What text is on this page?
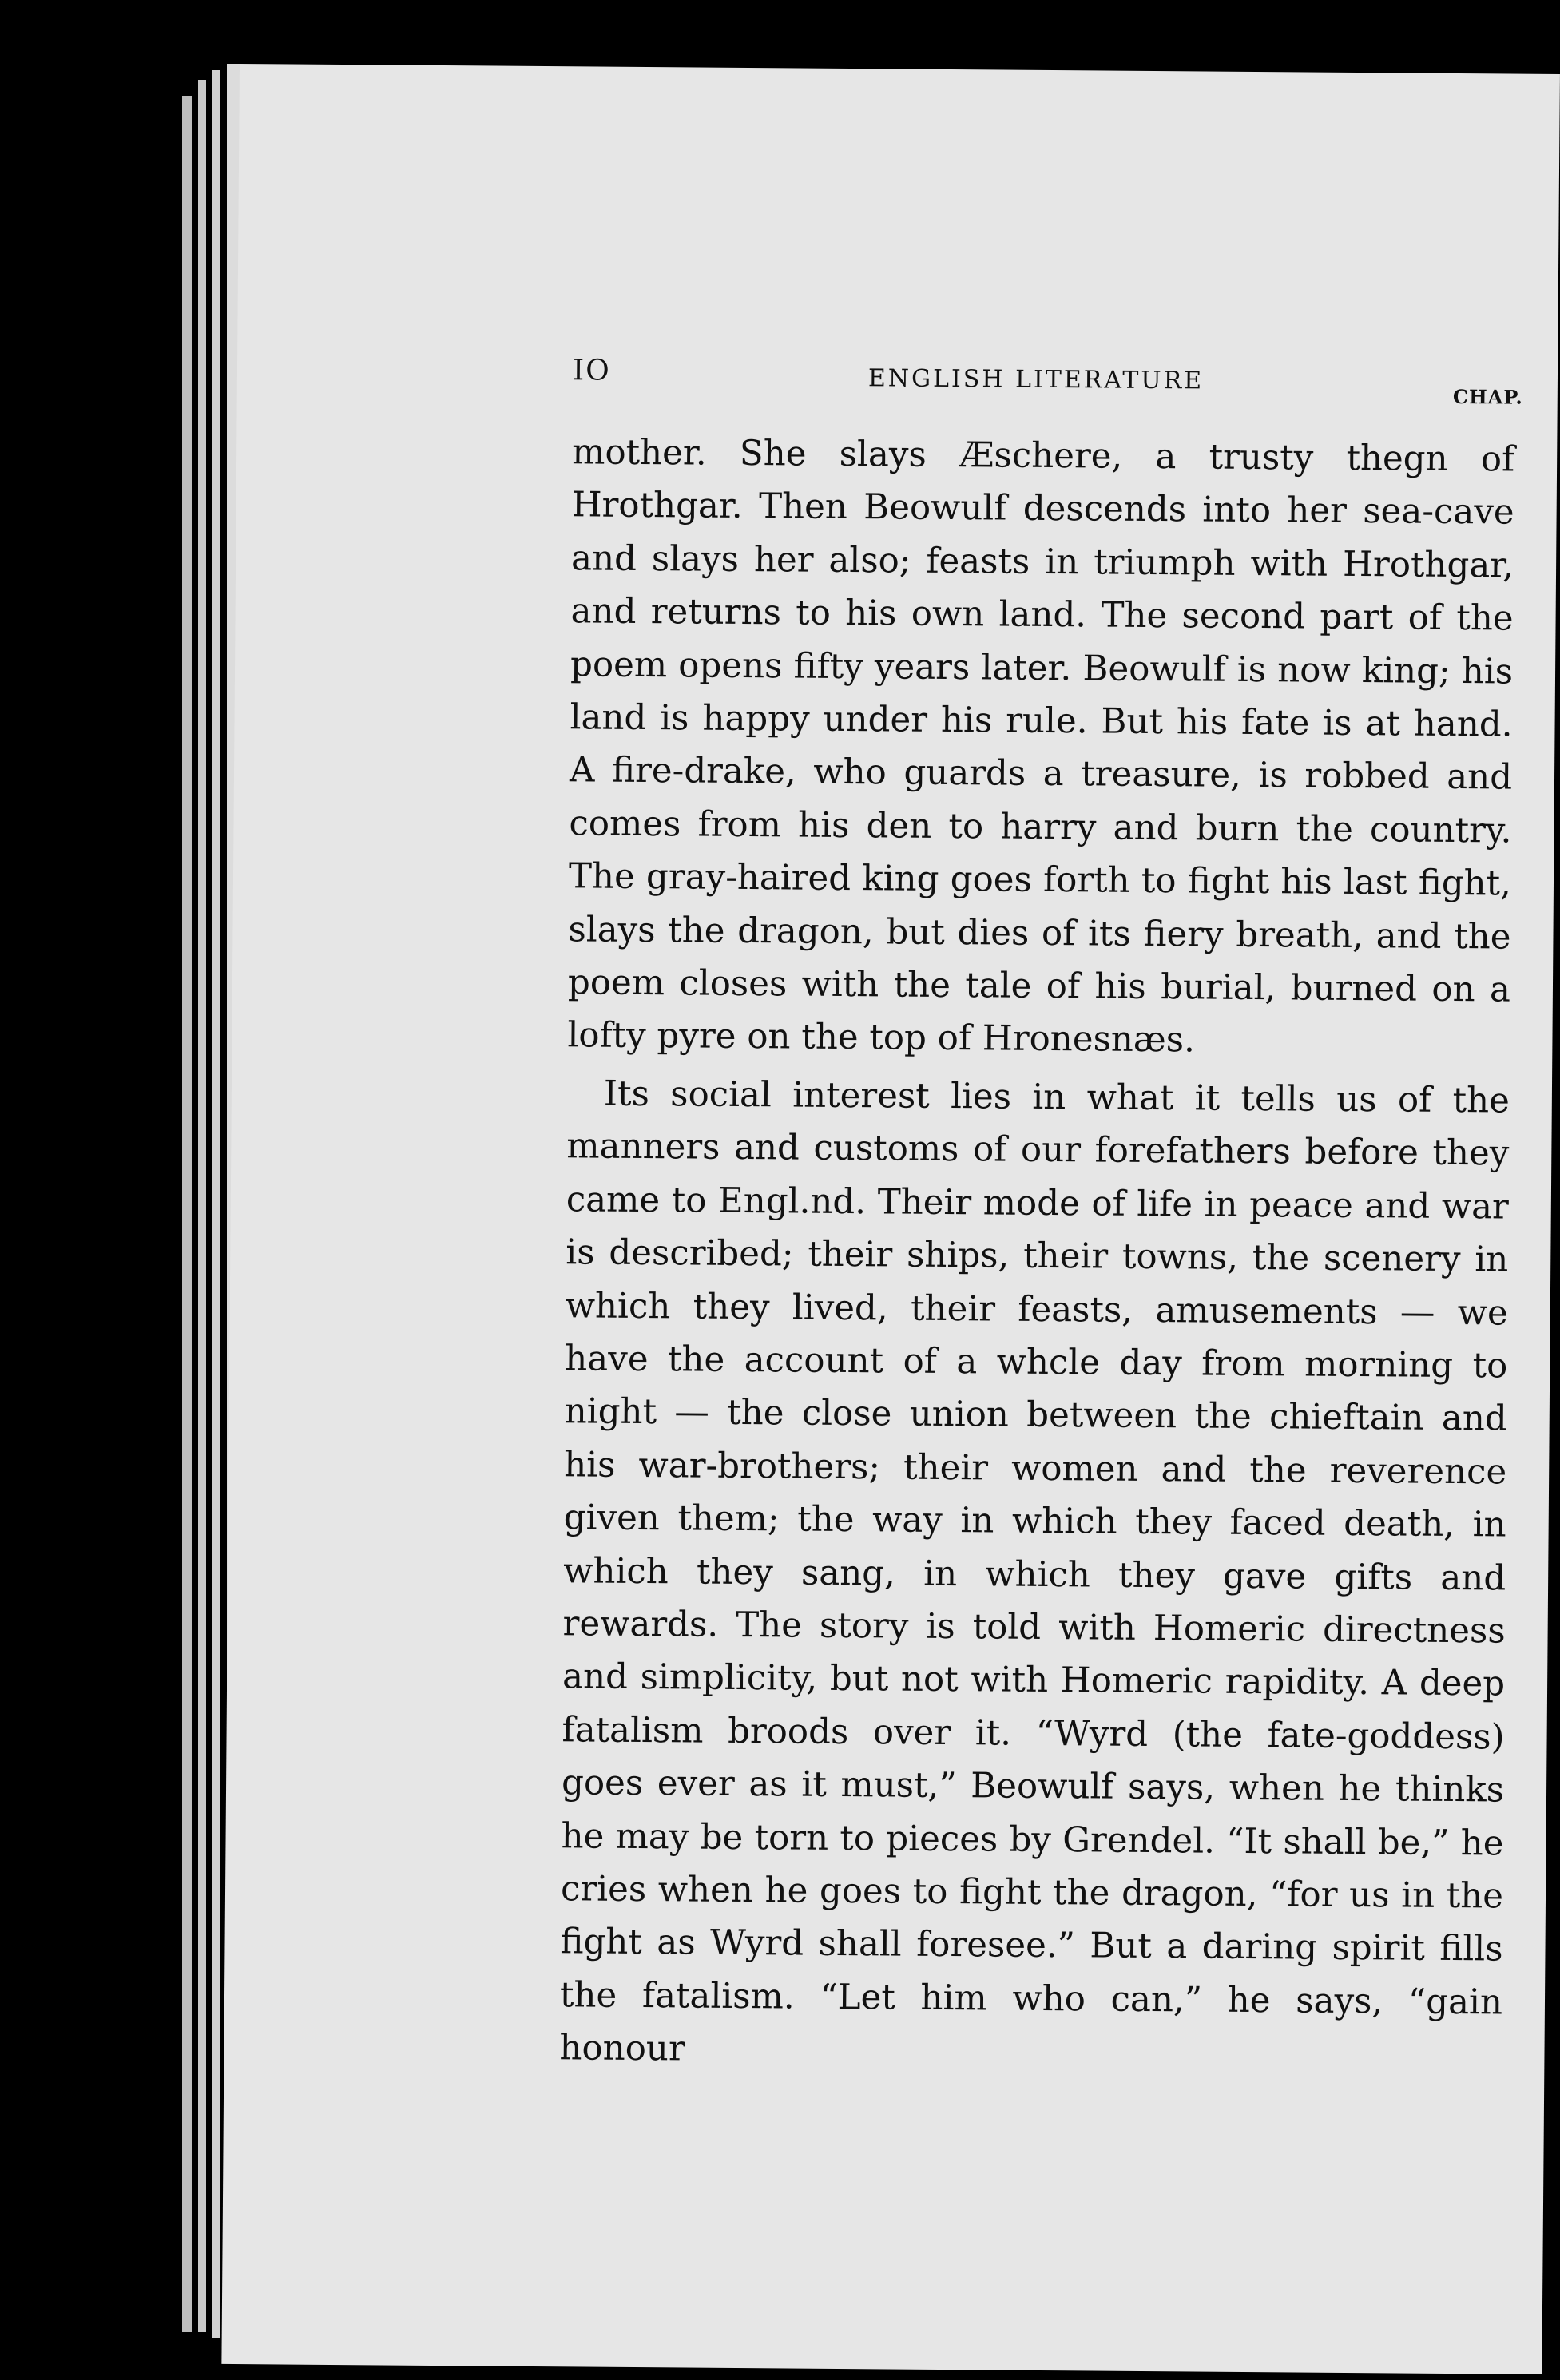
IO	ENGLISH LITERATURE
CHAP.

mother. She slays Æschere, a trusty thegn of Hrothgar. Then Beowulf descends into her sea-cave and slays her also; feasts in triumph with Hrothgar, and returns to his own land. The second part of the poem opens fifty years later. Beowulf is now king; his land is happy under his rule. But his fate is at hand. A fire-drake, who guards a treasure, is robbed and comes from his den to harry and burn the country. The gray-haired king goes forth to fight his last fight, slays the dragon, but dies of its fiery breath, and the poem closes with the tale of his burial, burned on a lofty pyre on the top of Hronesnæs.

Its social interest lies in what it tells us of the manners and customs of our forefathers before they came to Engl.nd. Their mode of life in peace and war is described; their ships, their towns, the scenery in which they lived, their feasts, amusements — we have the account of a whcle day from morning to night — the close union between the chieftain and his war-brothers; their women and the reverence given them; the way in which they faced death, in which they sang, in which they gave gifts and rewards. The story is told with Homeric directness and simplicity, but not with Homeric rapidity. A deep fatalism broods over it. “Wyrd (the fate-goddess) goes ever as it must,” Beowulf says, when he thinks he may be torn to pieces by Grendel. “It shall be,” he cries when he goes to fight the dragon, “for us in the fight as Wyrd shall foresee.” But a daring spirit fills the fatalism. “Let him who can,” he says, “gain honour
